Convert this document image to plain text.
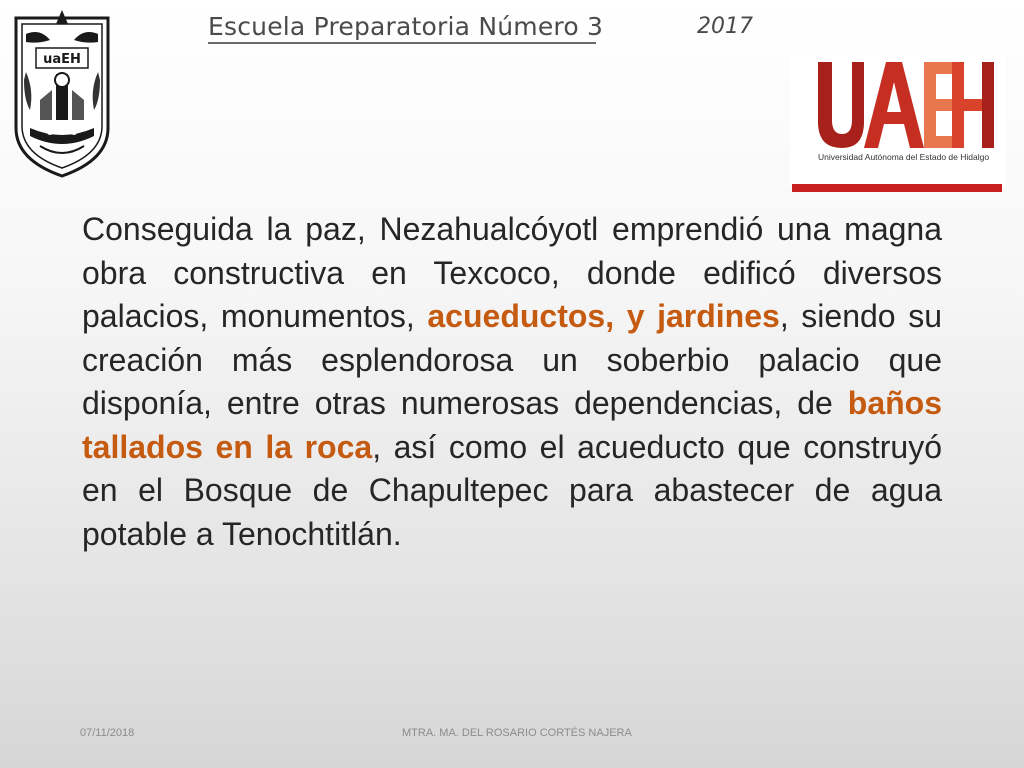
uaEH
Escuela Preparatoria Número 3	2017
Universidad Autónoma del Estado de Hidalgo

Conseguida la paz, Nezahualcóyotl emprendió una magna obra constructiva en Texcoco, donde edificó diversos palacios, monumentos, acueductos, y jardines, siendo su creación más esplendorosa un soberbio palacio que disponía, entre otras numerosas dependencias, de baños tallados en la roca, así como el acueducto que construyó en el Bosque de Chapultepec para abastecer de agua potable a Tenochtitlán.

07/11/2018	MTRA. MA. DEL ROSARIO CORTÉS NAJERA
